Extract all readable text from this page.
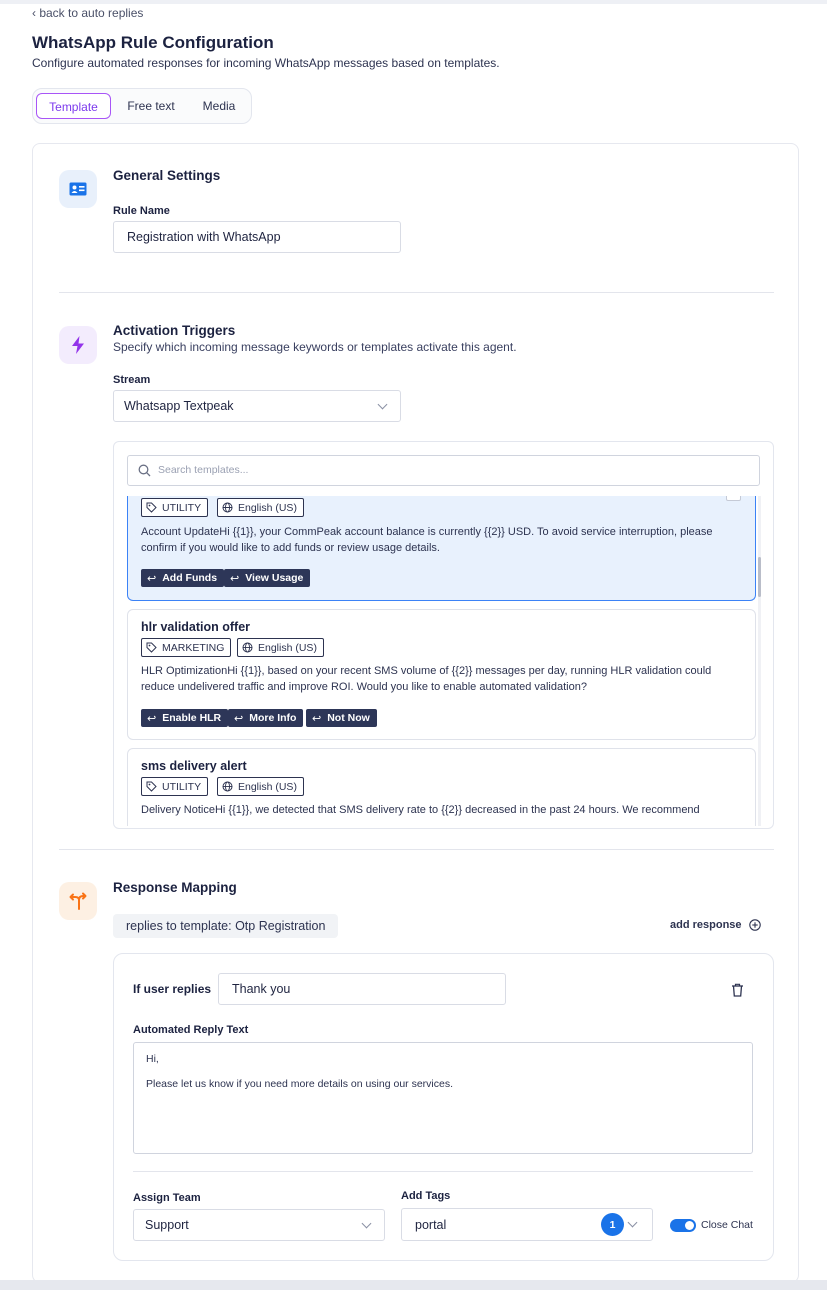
‹ back to auto replies
WhatsApp Rule Configuration
Configure automated responses for incoming WhatsApp messages based on templates.
Template	Free text	Media
General Settings
Rule Name
Registration with WhatsApp
Activation Triggers
Specify which incoming message keywords or templates activate this agent.
Stream
Whatsapp Textpeak
Search templates...
UTILITY	English (US)
Account UpdateHi {{1}}, your CommPeak account balance is currently {{2}} USD. To avoid service interruption, please confirm if you would like to add funds or review usage details.
↩ Add Funds ↩ View Usage
hlr validation offer
MARKETING	English (US)
HLR OptimizationHi {{1}}, based on your recent SMS volume of {{2}} messages per day, running HLR validation could reduce undelivered traffic and improve ROI. Would you like to enable automated validation?
↩ Enable HLR ↩ More Info ↩ Not Now
sms delivery alert
UTILITY	English (US)
Delivery NoticeHi {{1}}, we detected that SMS delivery rate to {{2}} decreased in the past 24 hours. We recommend
Response Mapping
replies to template: Otp Registration	add response
If user replies	Thank you
Automated Reply Text
Hi,
Please let us know if you need more details on using our services.
Assign Team
Support
Add Tags
portal	1	Close Chat
